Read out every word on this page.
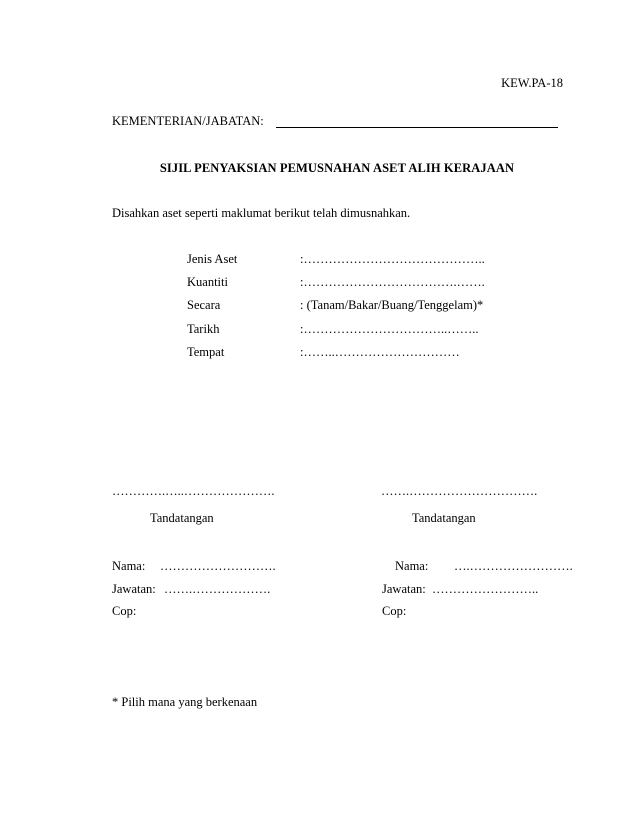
KEW.PA-18
KEMENTERIAN/JABATAN:
SIJIL PENYAKSIAN PEMUSNAHAN ASET ALIH KERAJAAN
Disahkan aset seperti maklumat berikut telah dimusnahkan.
Jenis Aset	:……………………………………..
Kuantiti	:……………………………….…….
Secara	: (Tanam/Bakar/Buang/Tenggelam)*
Tarikh	:……………………………..……..
Tempat	:……..…………………………
………….…..………………….
Tandatangan
Nama: ……………………….
Jawatan: …….……………….
Cop:
…….………………………….
Tandatangan
Nama: ….…………………….
Jawatan: ……………………..
Cop:
* Pilih mana yang berkenaan
